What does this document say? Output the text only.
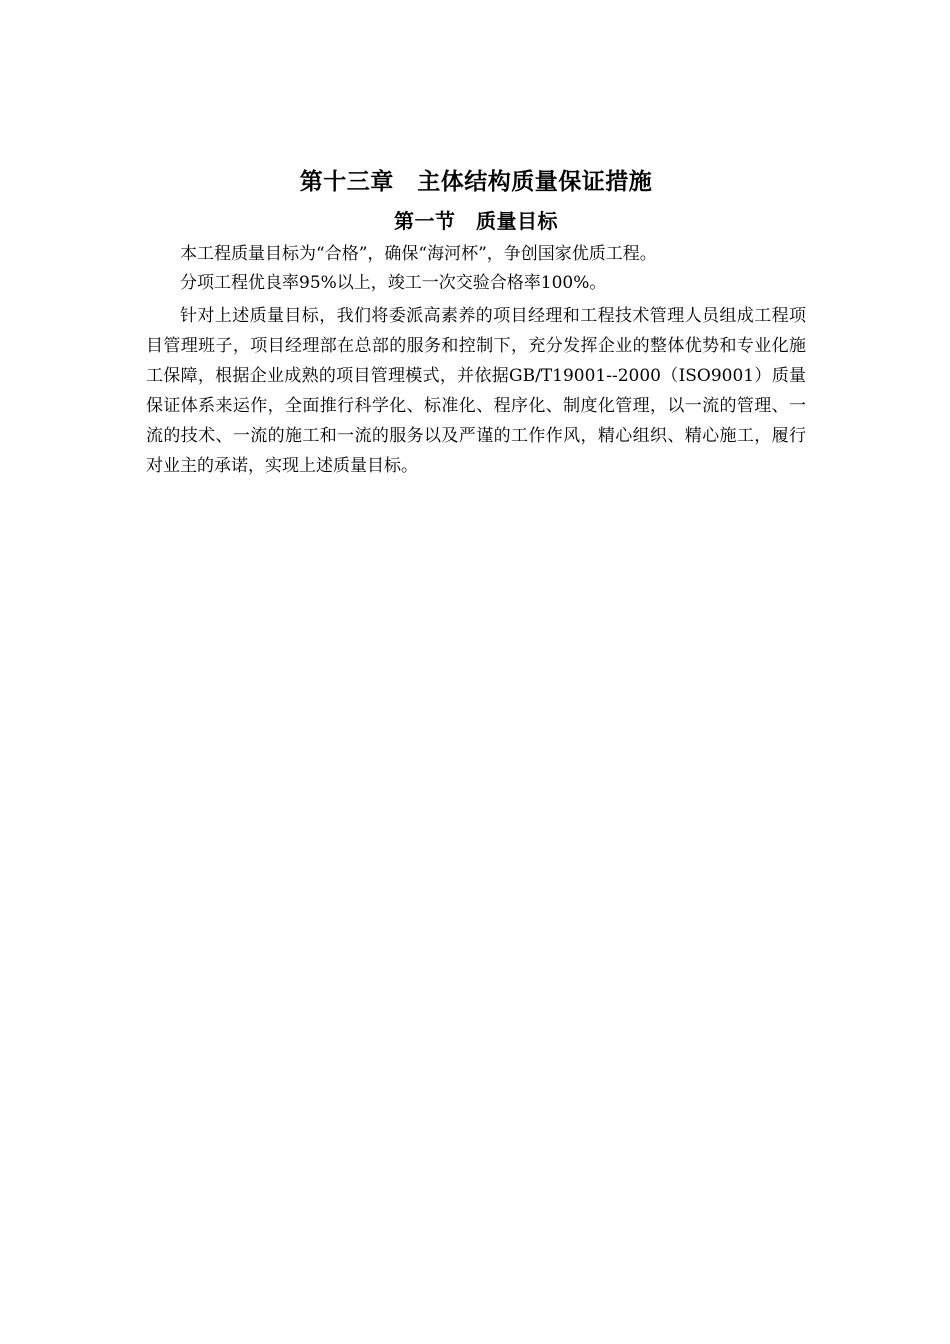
第十三章　主体结构质量保证措施
第一节　质量目标

本工程质量目标为“合格”，确保“海河杯”，争创国家优质工程。

分项工程优良率95%以上，竣工一次交验合格率100%。

针对上述质量目标，我们将委派高素养的项目经理和工程技术管理人员组成工程项目管理班子，项目经理部在总部的服务和控制下，充分发挥企业的整体优势和专业化施工保障，根据企业成熟的项目管理模式，并依据GB/T19001--2000（ISO9001）质量保证体系来运作，全面推行科学化、标准化、程序化、制度化管理，以一流的管理、一流的技术、一流的施工和一流的服务以及严谨的工作作风，精心组织、精心施工，履行对业主的承诺，实现上述质量目标。
